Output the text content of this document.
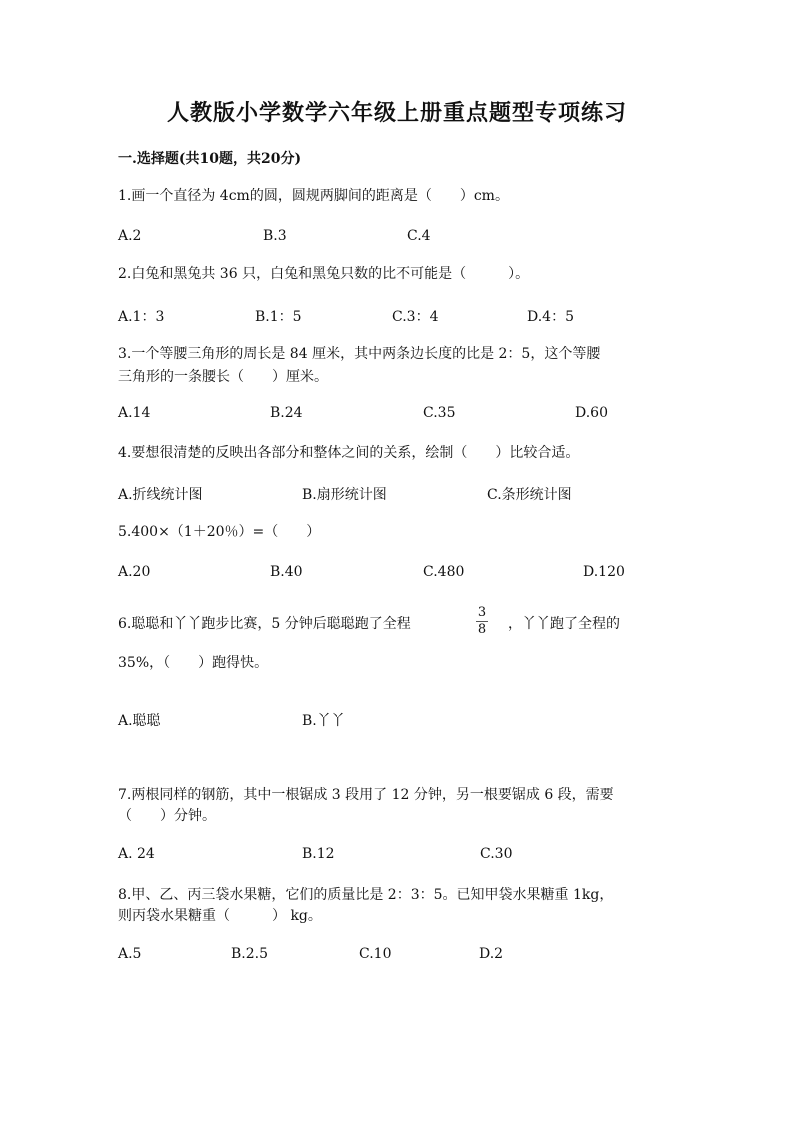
人教版小学数学六年级上册重点题型专项练习
一.选择题(共10题，共20分)
1.画一个直径为 4cm的圆，圆规两脚间的距离是（　　）cm。
A.2	B.3	C.4
2.白兔和黑兔共 36 只，白兔和黑兔只数的比不可能是（　　　）。
A.1：3	B.1：5	C.3：4	D.4：5
3.一个等腰三角形的周长是 84 厘米，其中两条边长度的比是 2：5，这个等腰
三角形的一条腰长（　　）厘米。
A.14	B.24	C.35	D.60
4.要想很清楚的反映出各部分和整体之间的关系，绘制（　　）比较合适。
A.折线统计图	B.扇形统计图	C.条形统计图
5.400×（1＋20％）=（　　）
A.20	B.40	C.480	D.120
6.聪聪和丫丫跑步比赛，5 分钟后聪聪跑了全程
3
8 ，丫丫跑了全程的
35%，（　　）跑得快。
A.聪聪	B.丫丫
7.两根同样的钢筋，其中一根锯成 3 段用了 12 分钟，另一根要锯成 6 段，需要
（　　）分钟。
A. 24	B.12	C.30
8.甲、乙、丙三袋水果糖，它们的质量比是 2：3：5。已知甲袋水果糖重 1kg，
则丙袋水果糖重（　　　） kg。
A.5	B.2.5	C.10	D.2
